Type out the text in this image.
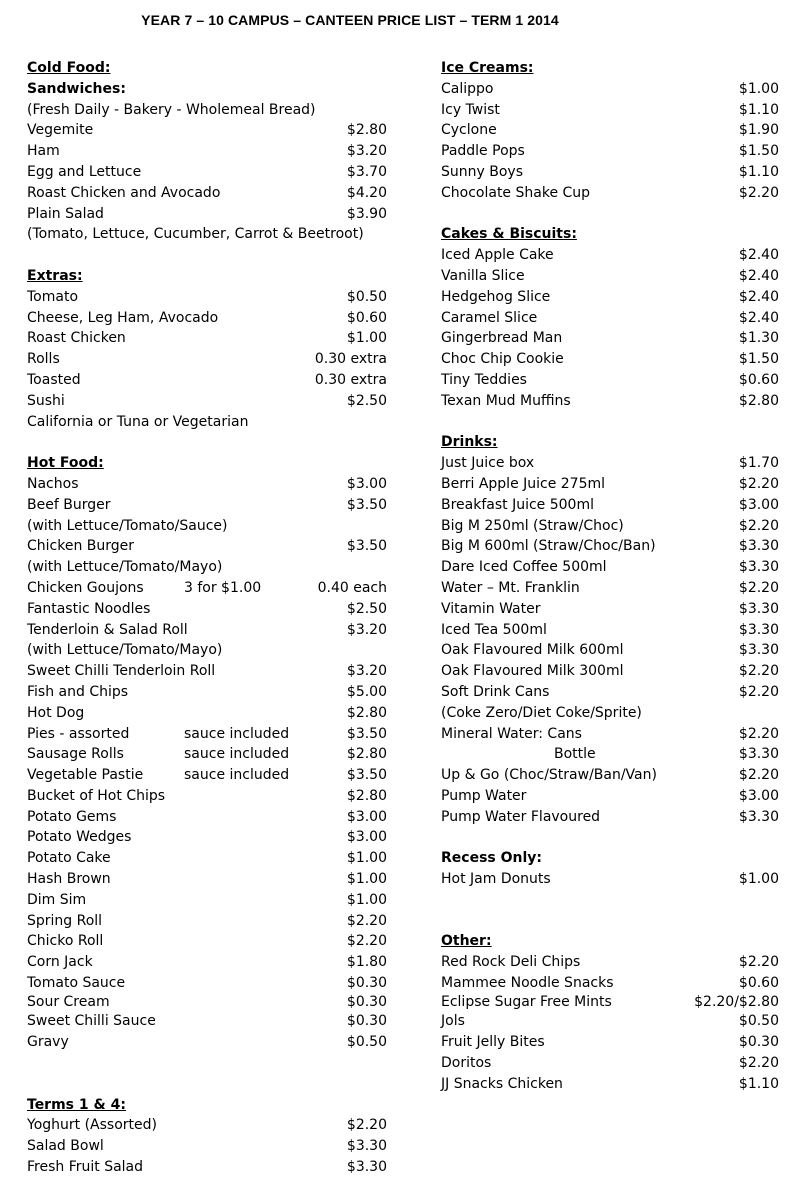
YEAR 7 – 10 CAMPUS – CANTEEN PRICE LIST – TERM 1 2014
Cold Food:
Sandwiches:
(Fresh Daily - Bakery - Wholemeal Bread)
Vegemite	$2.80
Ham	$3.20
Egg and Lettuce	$3.70
Roast Chicken and Avocado	$4.20
Plain Salad	$3.90
(Tomato, Lettuce, Cucumber, Carrot & Beetroot)
Extras:
Tomato	$0.50
Cheese, Leg Ham, Avocado	$0.60
Roast Chicken	$1.00
Rolls	0.30 extra
Toasted	0.30 extra
Sushi	$2.50
California or Tuna or Vegetarian
Hot Food:
Nachos	$3.00
Beef Burger	$3.50
(with Lettuce/Tomato/Sauce)
Chicken Burger	$3.50
(with Lettuce/Tomato/Mayo)
Chicken Goujons	3 for $1.00	0.40 each
Fantastic Noodles	$2.50
Tenderloin & Salad Roll	$3.20
(with Lettuce/Tomato/Mayo)
Sweet Chilli Tenderloin Roll	$3.20
Fish and Chips	$5.00
Hot Dog	$2.80
Pies - assorted	sauce included	$3.50
Sausage Rolls	sauce included	$2.80
Vegetable Pastie	sauce included	$3.50
Bucket of Hot Chips	$2.80
Potato Gems	$3.00
Potato Wedges	$3.00
Potato Cake	$1.00
Hash Brown	$1.00
Dim Sim	$1.00
Spring Roll	$2.20
Chicko Roll	$2.20
Corn Jack	$1.80
Tomato Sauce	$0.30
Sour Cream	$0.30
Sweet Chilli Sauce	$0.30
Gravy	$0.50
Terms 1 & 4:
Yoghurt (Assorted)	$2.20
Salad Bowl	$3.30
Fresh Fruit Salad	$3.30
Ice Creams:
Calippo	$1.00
Icy Twist	$1.10
Cyclone	$1.90
Paddle Pops	$1.50
Sunny Boys	$1.10
Chocolate Shake Cup	$2.20
Cakes & Biscuits:
Iced Apple Cake	$2.40
Vanilla Slice	$2.40
Hedgehog Slice	$2.40
Caramel Slice	$2.40
Gingerbread Man	$1.30
Choc Chip Cookie	$1.50
Tiny Teddies	$0.60
Texan Mud Muffins	$2.80
Drinks:
Just Juice box	$1.70
Berri Apple Juice 275ml	$2.20
Breakfast Juice 500ml	$3.00
Big M 250ml (Straw/Choc)	$2.20
Big M 600ml (Straw/Choc/Ban)	$3.30
Dare Iced Coffee 500ml	$3.30
Water – Mt. Franklin	$2.20
Vitamin Water	$3.30
Iced Tea 500ml	$3.30
Oak Flavoured Milk 600ml	$3.30
Oak Flavoured Milk 300ml	$2.20
Soft Drink Cans	$2.20
(Coke Zero/Diet Coke/Sprite)
Mineral Water: Cans	$2.20
Bottle	$3.30
Up & Go (Choc/Straw/Ban/Van)	$2.20
Pump Water	$3.00
Pump Water Flavoured	$3.30
Recess Only:
Hot Jam Donuts	$1.00
Other:
Red Rock Deli Chips	$2.20
Mammee Noodle Snacks	$0.60
Eclipse Sugar Free Mints	$2.20/$2.80
Jols	$0.50
Fruit Jelly Bites	$0.30
Doritos	$2.20
JJ Snacks Chicken	$1.10
